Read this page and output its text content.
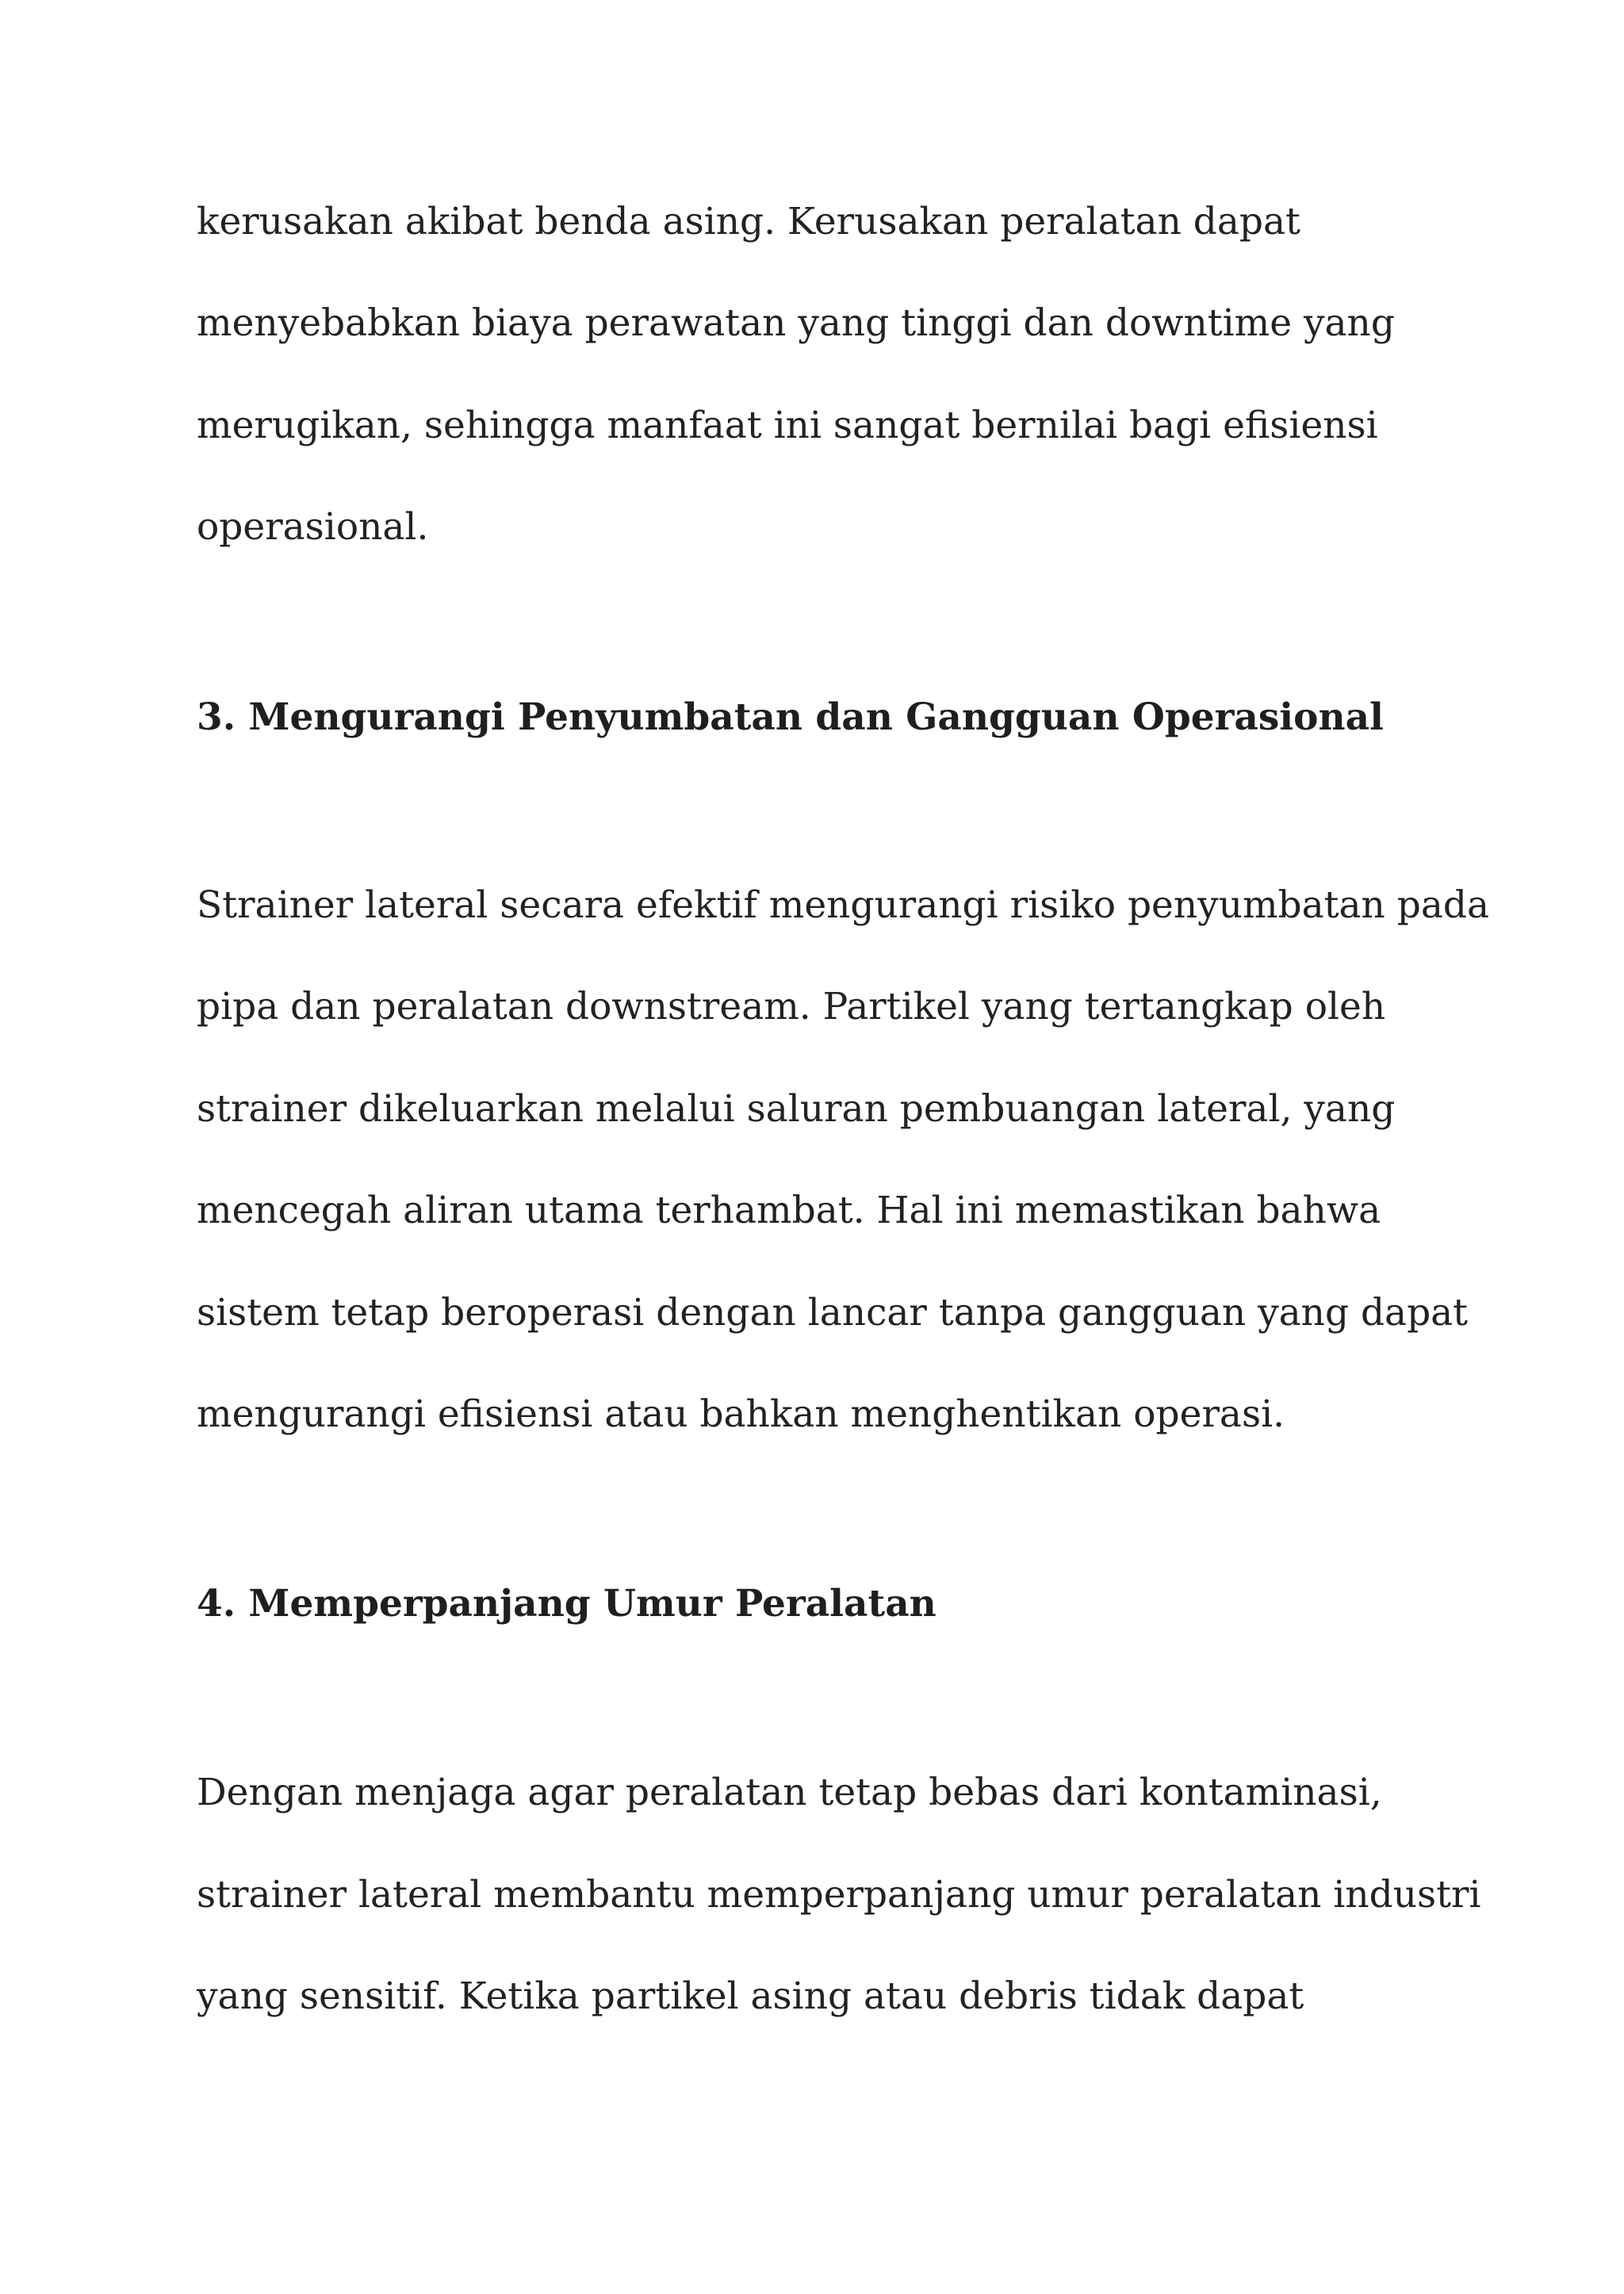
kerusakan akibat benda asing. Kerusakan peralatan dapat

menyebabkan biaya perawatan yang tinggi dan downtime yang

merugikan, sehingga manfaat ini sangat bernilai bagi efisiensi

operasional.

3. Mengurangi Penyumbatan dan Gangguan Operasional

Strainer lateral secara efektif mengurangi risiko penyumbatan pada

pipa dan peralatan downstream. Partikel yang tertangkap oleh

strainer dikeluarkan melalui saluran pembuangan lateral, yang

mencegah aliran utama terhambat. Hal ini memastikan bahwa

sistem tetap beroperasi dengan lancar tanpa gangguan yang dapat

mengurangi efisiensi atau bahkan menghentikan operasi.

4. Memperpanjang Umur Peralatan

Dengan menjaga agar peralatan tetap bebas dari kontaminasi,

strainer lateral membantu memperpanjang umur peralatan industri

yang sensitif. Ketika partikel asing atau debris tidak dapat
